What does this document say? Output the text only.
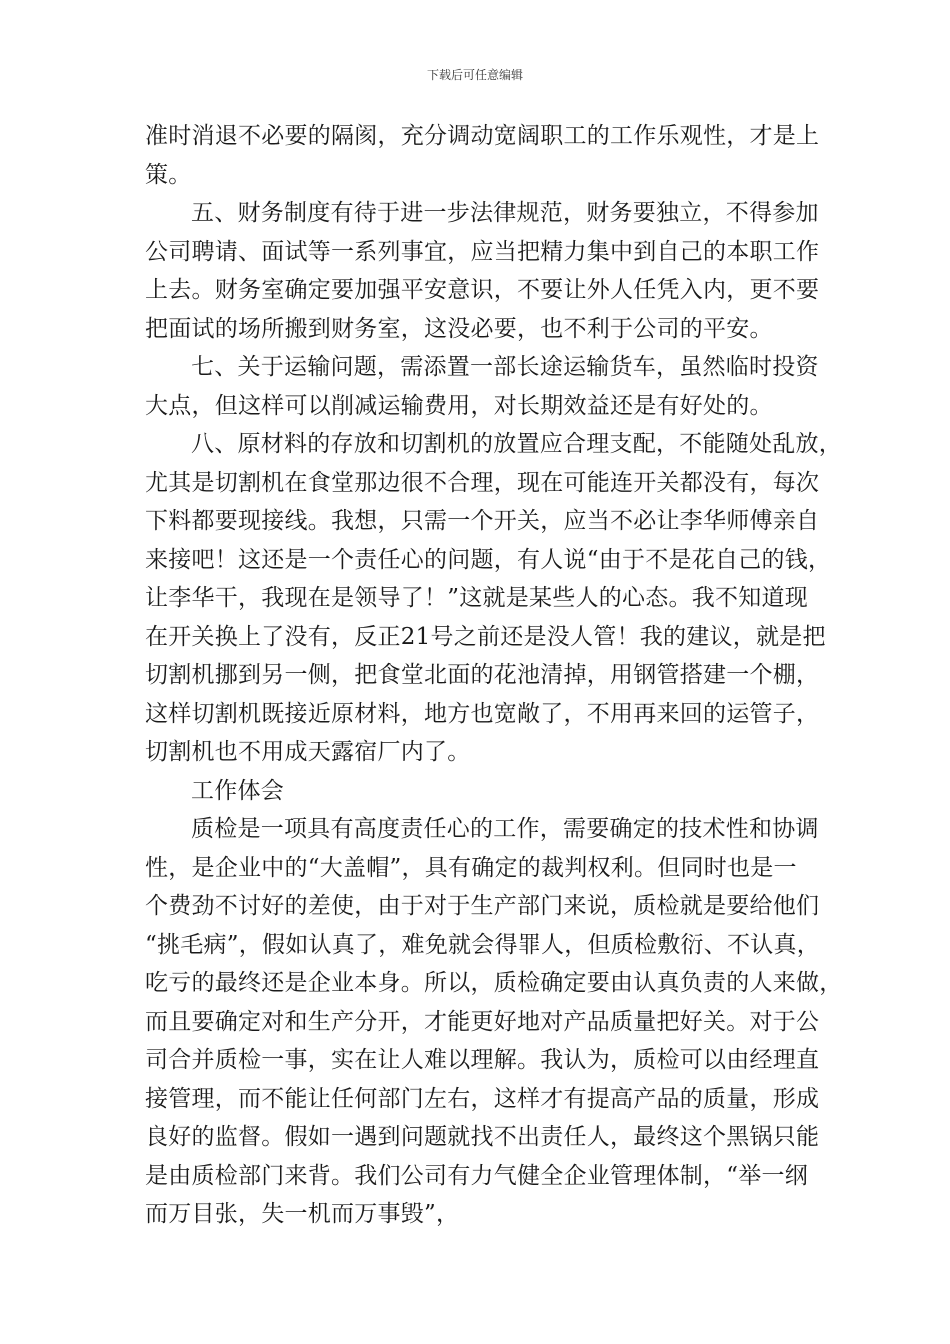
下载后可任意编辑
准时消退不必要的隔阂，充分调动宽阔职工的工作乐观性，才是上
策。
五、财务制度有待于进一步法律规范，财务要独立，不得参加
公司聘请、面试等一系列事宜，应当把精力集中到自己的本职工作
上去。财务室确定要加强平安意识，不要让外人任凭入内，更不要
把面试的场所搬到财务室，这没必要，也不利于公司的平安。
七、关于运输问题，需添置一部长途运输货车，虽然临时投资
大点，但这样可以削减运输费用，对长期效益还是有好处的。
八、原材料的存放和切割机的放置应合理支配，不能随处乱放，
尤其是切割机在食堂那边很不合理，现在可能连开关都没有，每次
下料都要现接线。我想，只需一个开关，应当不必让李华师傅亲自
来接吧！这还是一个责任心的问题，有人说“由于不是花自己的钱，
让李华干，我现在是领导了！”这就是某些人的心态。我不知道现
在开关换上了没有，反正21号之前还是没人管！我的建议，就是把
切割机挪到另一侧，把食堂北面的花池清掉，用钢管搭建一个棚，
这样切割机既接近原材料，地方也宽敞了，不用再来回的运管子，
切割机也不用成天露宿厂内了。
工作体会
质检是一项具有高度责任心的工作，需要确定的技术性和协调
性，是企业中的“大盖帽”，具有确定的裁判权利。但同时也是一
个费劲不讨好的差使，由于对于生产部门来说，质检就是要给他们
“挑毛病”，假如认真了，难免就会得罪人，但质检敷衍、不认真，
吃亏的最终还是企业本身。所以，质检确定要由认真负责的人来做，
而且要确定对和生产分开，才能更好地对产品质量把好关。对于公
司合并质检一事，实在让人难以理解。我认为，质检可以由经理直
接管理，而不能让任何部门左右，这样才有提高产品的质量，形成
良好的监督。假如一遇到问题就找不出责任人，最终这个黑锅只能
是由质检部门来背。我们公司有力气健全企业管理体制，“举一纲
而万目张，失一机而万事毁”，
